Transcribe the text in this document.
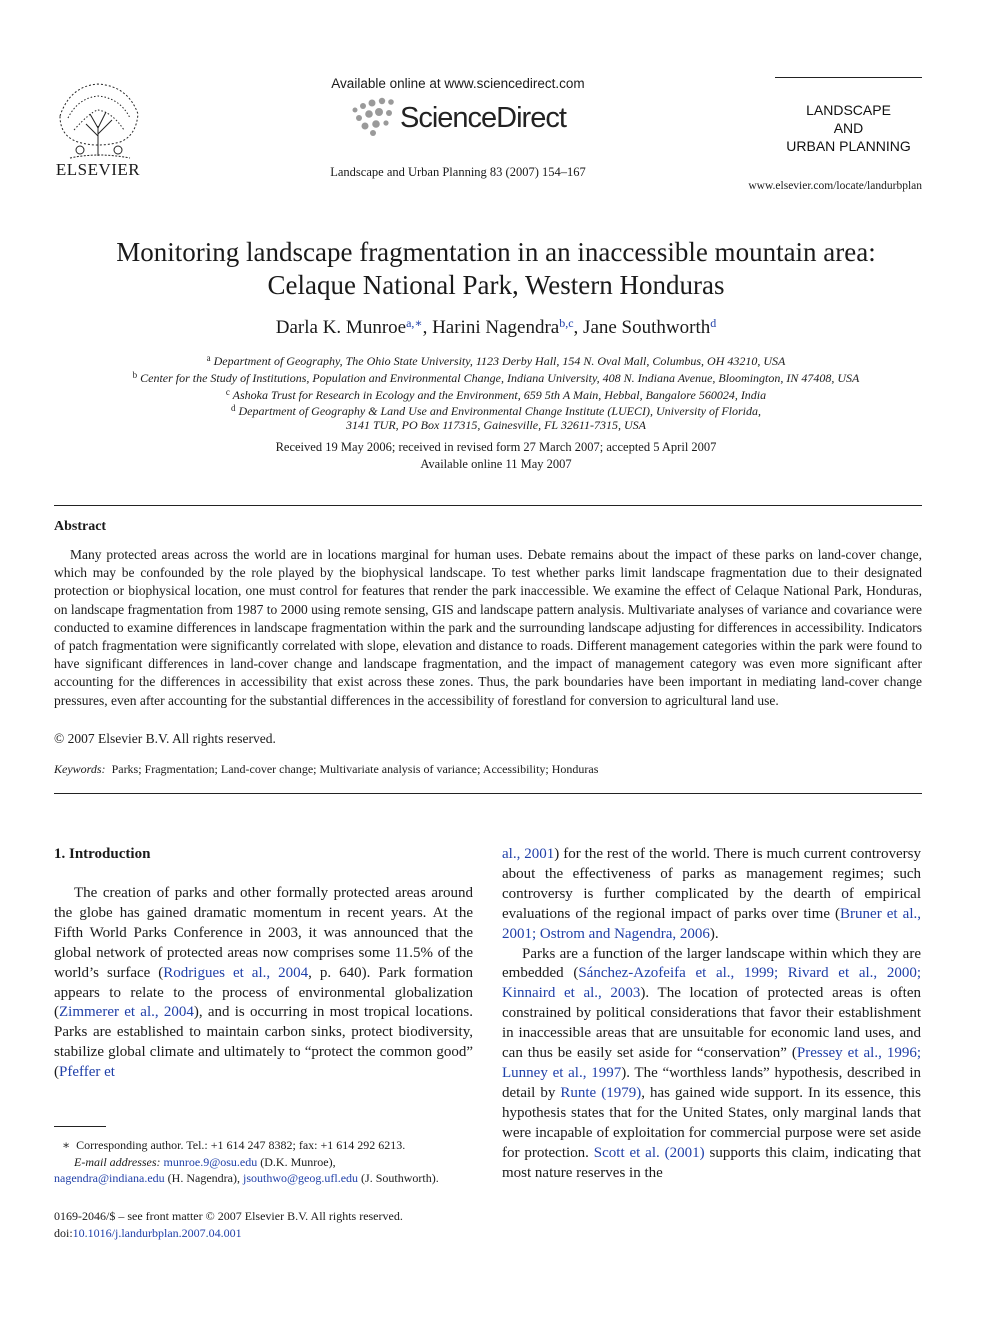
ELSEVIER
Available online at www.sciencedirect.com
ScienceDirect
Landscape and Urban Planning 83 (2007) 154–167
LANDSCAPE
AND
URBAN PLANNING
www.elsevier.com/locate/landurbplan
Monitoring landscape fragmentation in an inaccessible mountain area:
Celaque National Park, Western Honduras
Darla K. Munroe$^{a,∗}$, Harini Nagendra$^{b,c}$, Jane Southworth$^d$
$^a$ Department of Geography, The Ohio State University, 1123 Derby Hall, 154 N. Oval Mall, Columbus, OH 43210, USA
$^b$ Center for the Study of Institutions, Population and Environmental Change, Indiana University, 408 N. Indiana Avenue, Bloomington, IN 47408, USA
$^c$ Ashoka Trust for Research in Ecology and the Environment, 659 5th A Main, Hebbal, Bangalore 560024, India
$^d$ Department of Geography & Land Use and Environmental Change Institute (LUECI), University of Florida,
3141 TUR, PO Box 117315, Gainesville, FL 32611-7315, USA
Received 19 May 2006; received in revised form 27 March 2007; accepted 5 April 2007
Available online 11 May 2007
Abstract
Many protected areas across the world are in locations marginal for human uses. Debate remains about the impact of these parks on land-cover change, which may be confounded by the role played by the biophysical landscape. To test whether parks limit landscape fragmentation due to their designated protection or biophysical location, one must control for features that render the park inaccessible. We examine the effect of Celaque National Park, Honduras, on landscape fragmentation from 1987 to 2000 using remote sensing, GIS and landscape pattern analysis. Multivariate analyses of variance and covariance were conducted to examine differences in landscape fragmentation within the park and the surrounding landscape adjusting for differences in accessibility. Indicators of patch fragmentation were significantly correlated with slope, elevation and distance to roads. Different management categories within the park were found to have significant differences in land-cover change and landscape fragmentation, and the impact of management category was even more significant after accounting for the differences in accessibility that exist across these zones. Thus, the park boundaries have been important in mediating land-cover change pressures, even after accounting for the substantial differences in the accessibility of forestland for conversion to agricultural land use.
© 2007 Elsevier B.V. All rights reserved.
Keywords: Parks; Fragmentation; Land-cover change; Multivariate analysis of variance; Accessibility; Honduras
1. Introduction

The creation of parks and other formally protected areas around the globe has gained dramatic momentum in recent years. At the Fifth World Parks Conference in 2003, it was announced that the global network of protected areas now comprises some 11.5% of the world’s surface (Rodrigues et al., 2004, p. 640). Park formation appears to relate to the process of environmental globalization (Zimmerer et al., 2004), and is occurring in most tropical locations. Parks are established to maintain carbon sinks, protect biodiversity, stabilize global climate and ultimately to “protect the common good” (Pfeffer et

al., 2001) for the rest of the world. There is much current controversy about the effectiveness of parks as management regimes; such controversy is further complicated by the dearth of empirical evaluations of the regional impact of parks over time (Bruner et al., 2001; Ostrom and Nagendra, 2006).

Parks are a function of the larger landscape within which they are embedded (Sánchez-Azofeifa et al., 1999; Rivard et al., 2000; Kinnaird et al., 2003). The location of protected areas is often constrained by political considerations that favor their establishment in inaccessible areas that are unsuitable for economic land uses, and can thus be easily set aside for “conservation” (Pressey et al., 1996; Lunney et al., 1997). The “worthless lands” hypothesis, described in detail by Runte (1979), has gained wide support. In its essence, this hypothesis states that for the United States, only marginal lands that were incapable of exploitation for commercial purpose were set aside for protection. Scott et al. (2001) supports this claim, indicating that most nature reserves in the

∗ Corresponding author. Tel.: +1 614 247 8382; fax: +1 614 292 6213.
E-mail addresses: munroe.9@osu.edu (D.K. Munroe),
nagendra@indiana.edu (H. Nagendra), jsouthwo@geog.ufl.edu (J. Southworth).
0169-2046/$ – see front matter © 2007 Elsevier B.V. All rights reserved.
doi:10.1016/j.landurbplan.2007.04.001
